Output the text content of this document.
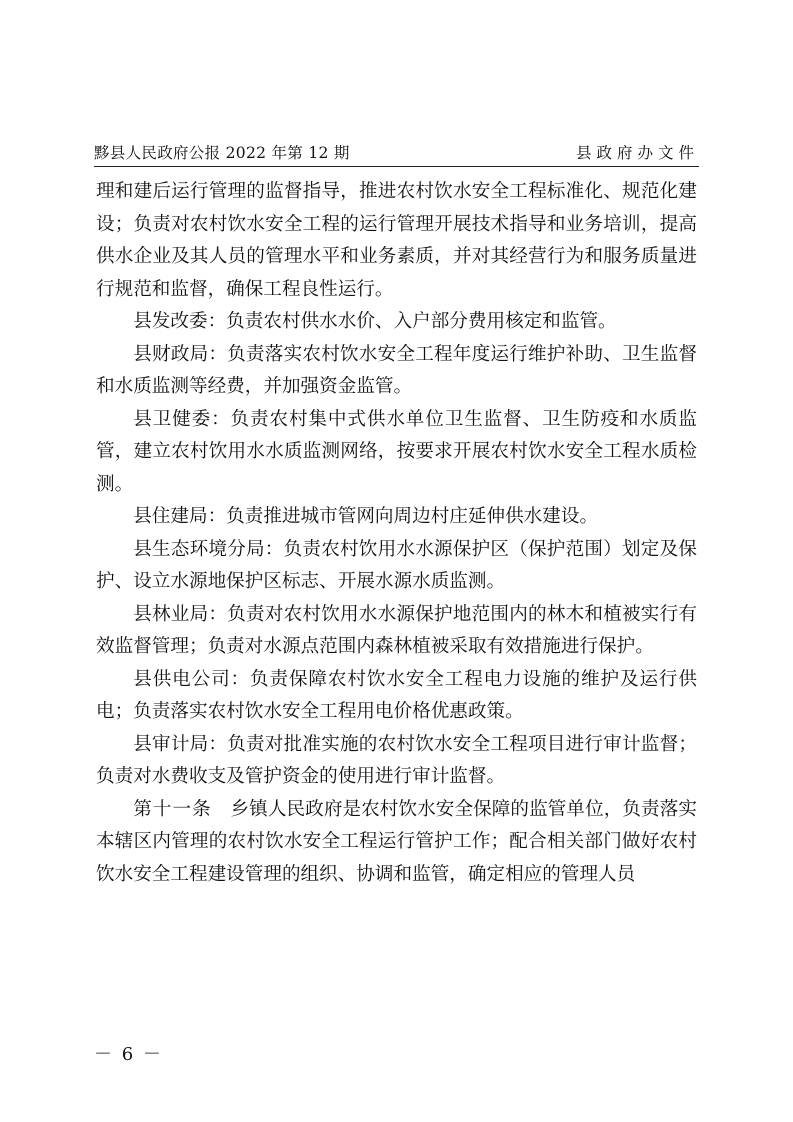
黟县人民政府公报 2022 年第 12 期	县政府办文件

理和建后运行管理的监督指导，推进农村饮水安全工程标准化、规范化建设；负责对农村饮水安全工程的运行管理开展技术指导和业务培训，提高供水企业及其人员的管理水平和业务素质，并对其经营行为和服务质量进行规范和监督，确保工程良性运行。

县发改委：负责农村供水水价、入户部分费用核定和监管。

县财政局：负责落实农村饮水安全工程年度运行维护补助、卫生监督和水质监测等经费，并加强资金监管。

县卫健委：负责农村集中式供水单位卫生监督、卫生防疫和水质监管，建立农村饮用水水质监测网络，按要求开展农村饮水安全工程水质检测。

县住建局：负责推进城市管网向周边村庄延伸供水建设。

县生态环境分局：负责农村饮用水水源保护区（保护范围）划定及保护、设立水源地保护区标志、开展水源水质监测。

县林业局：负责对农村饮用水水源保护地范围内的林木和植被实行有效监督管理；负责对水源点范围内森林植被采取有效措施进行保护。

县供电公司：负责保障农村饮水安全工程电力设施的维护及运行供电；负责落实农村饮水安全工程用电价格优惠政策。

县审计局：负责对批准实施的农村饮水安全工程项目进行审计监督；负责对水费收支及管护资金的使用进行审计监督。

第十一条　乡镇人民政府是农村饮水安全保障的监管单位，负责落实本辖区内管理的农村饮水安全工程运行管护工作；配合相关部门做好农村饮水安全工程建设管理的组织、协调和监管，确定相应的管理人员

－ 6 －
